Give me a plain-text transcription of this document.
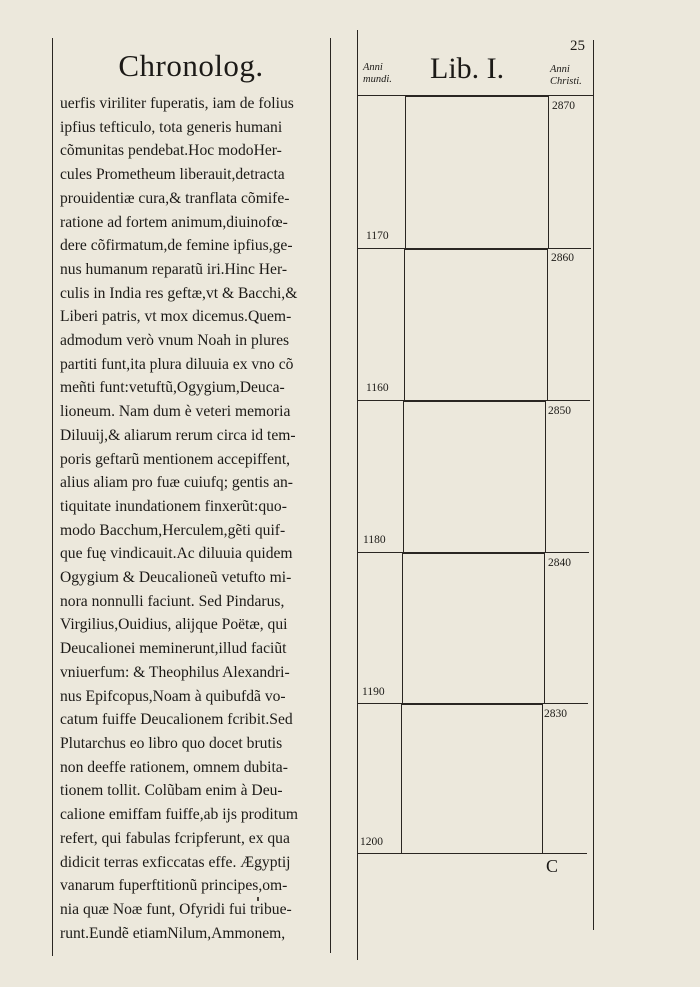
Chronolog.
uerfis viriliter fuperatis, iam de folius
ipfius tefticulo, tota generis humani
cõmunitas pendebat.Hoc modoHer-
cules Prometheum liberauit,detracta
prouidentiæ cura,& tranflata cõmife-
ratione ad fortem animum,diuinofœ-
dere cõfirmatum,de femine ipfius,ge-
nus humanum reparatũ iri.Hinc Her-
culis in India res geftæ,vt & Bacchi,&
Liberi patris, vt mox dicemus.Quem-
admodum verò vnum Noah in plures
partiti funt,ita plura diluuia ex vno cõ
meñti funt:vetuftũ,Ogygium,Deuca-
lioneum. Nam dum è veteri memoria
Diluuij,& aliarum rerum circa id tem-
poris geftarũ mentionem accepiffent,
alius aliam pro fuæ cuiufq; gentis an-
tiquitate inundationem finxerũt:quo-
modo Bacchum,Herculem,gẽti quif-
que fuę vindicauit.Ac diluuia quidem
Ogygium & Deucalioneũ vetufto mi-
nora nonnulli faciunt. Sed Pindarus,
Virgilius,Ouidius, alijque Poëtæ, qui
Deucalionei meminerunt,illud faciũt
vniuerfum: & Theophilus Alexandri-
nus Epifcopus,Noam à quibufdã vo-
catum fuiffe Deucalionem fcribit.Sed
Plutarchus eo libro quo docet brutis
non deeffe rationem, omnem dubita-
tionem tollit. Colũbam enim à Deu-
calione emiffam fuiffe,ab ijs proditum
refert, qui fabulas fcripferunt, ex qua
didicit terras exficcatas effe. Ægyptij
vanarum fuperftitionũ principes,om-
nia quæ Noæ funt, Ofyridi fui tribue-
runt.Eundẽ etiamNilum,Ammonem,
Anni
mundi.	Lib. I.	Anni
Christi.
25
1170
2870
1160
2860
1180
2850
1190
2840
1200
2830
C
